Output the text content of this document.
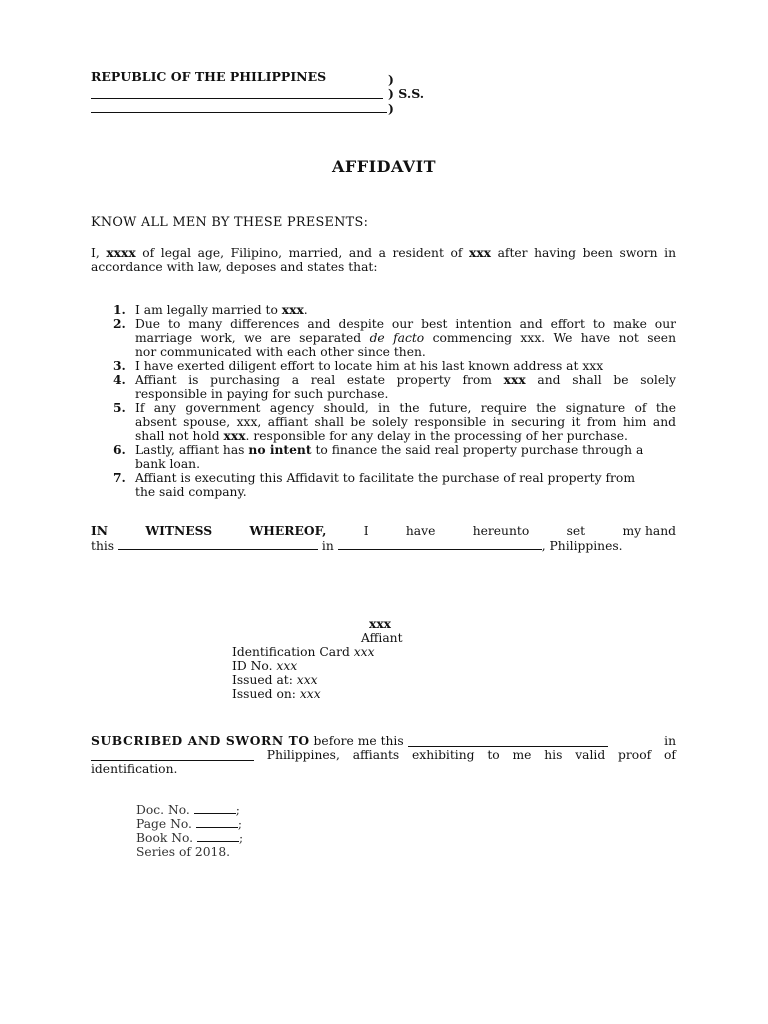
REPUBLIC OF THE PHILIPPINES	)
) S.S.
)
AFFIDAVIT
KNOW ALL MEN BY THESE PRESENTS:
I, xxxx of legal age, Filipino, married, and a resident of xxx after having been sworn in
accordance with law, deposes and states that:
1. I am legally married to xxx.
2. Due to many differences and despite our best intention and effort to make our
marriage work, we are separated de facto commencing xxx. We have not seen
nor communicated with each other since then.
3. I have exerted diligent effort to locate him at his last known address at xxx
4. Affiant is purchasing a real estate property from xxx and shall be solely
responsible in paying for such purchase.
5. If any government agency should, in the future, require the signature of the
absent spouse, xxx, affiant shall be solely responsible in securing it from him and
shall not hold xxx. responsible for any delay in the processing of her purchase.
6. Lastly, affiant has no intent to finance the said real property purchase through a
bank loan.
7. Affiant is executing this Affidavit to facilitate the purchase of real property from
the said company.
IN	WITNESS	WHEREOF,	I	have	hereunto	set	my hand
this	in	, Philippines.
xxx
Affiant
Identification Card xxx
ID No. xxx
Issued at: xxx
Issued on: xxx
SUBCRIBED AND SWORN TO before me this	in
Philippines, affiants exhibiting to me his valid proof of
identification.
Doc. No.	;
Page No.	;
Book No.	;
Series of 2018.
